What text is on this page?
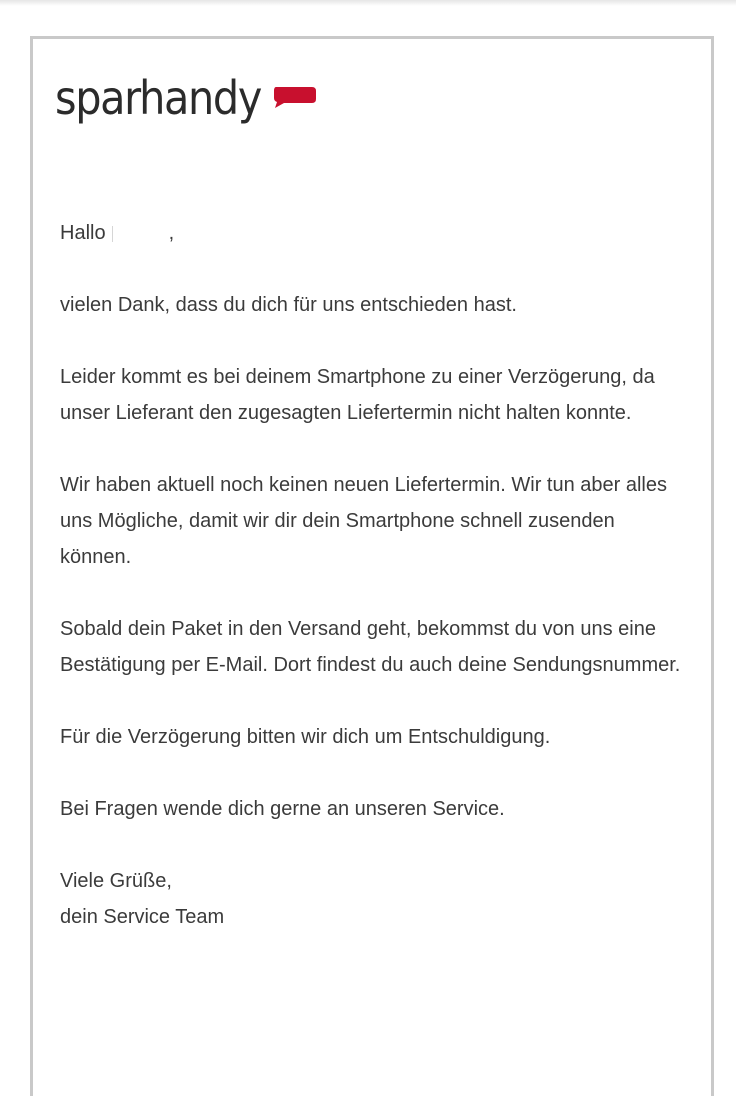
sparhandy

Hallo	,

vielen Dank, dass du dich für uns entschieden hast.

Leider kommt es bei deinem Smartphone zu einer Verzögerung, da unser Lieferant den zugesagten Liefertermin nicht halten konnte.

Wir haben aktuell noch keinen neuen Liefertermin. Wir tun aber alles uns Mögliche, damit wir dir dein Smartphone schnell zusenden können.

Sobald dein Paket in den Versand geht, bekommst du von uns eine Bestätigung per E-Mail. Dort findest du auch deine Sendungsnummer.

Für die Verzögerung bitten wir dich um Entschuldigung.

Bei Fragen wende dich gerne an unseren Service.

Viele Grüße,
dein Service Team
